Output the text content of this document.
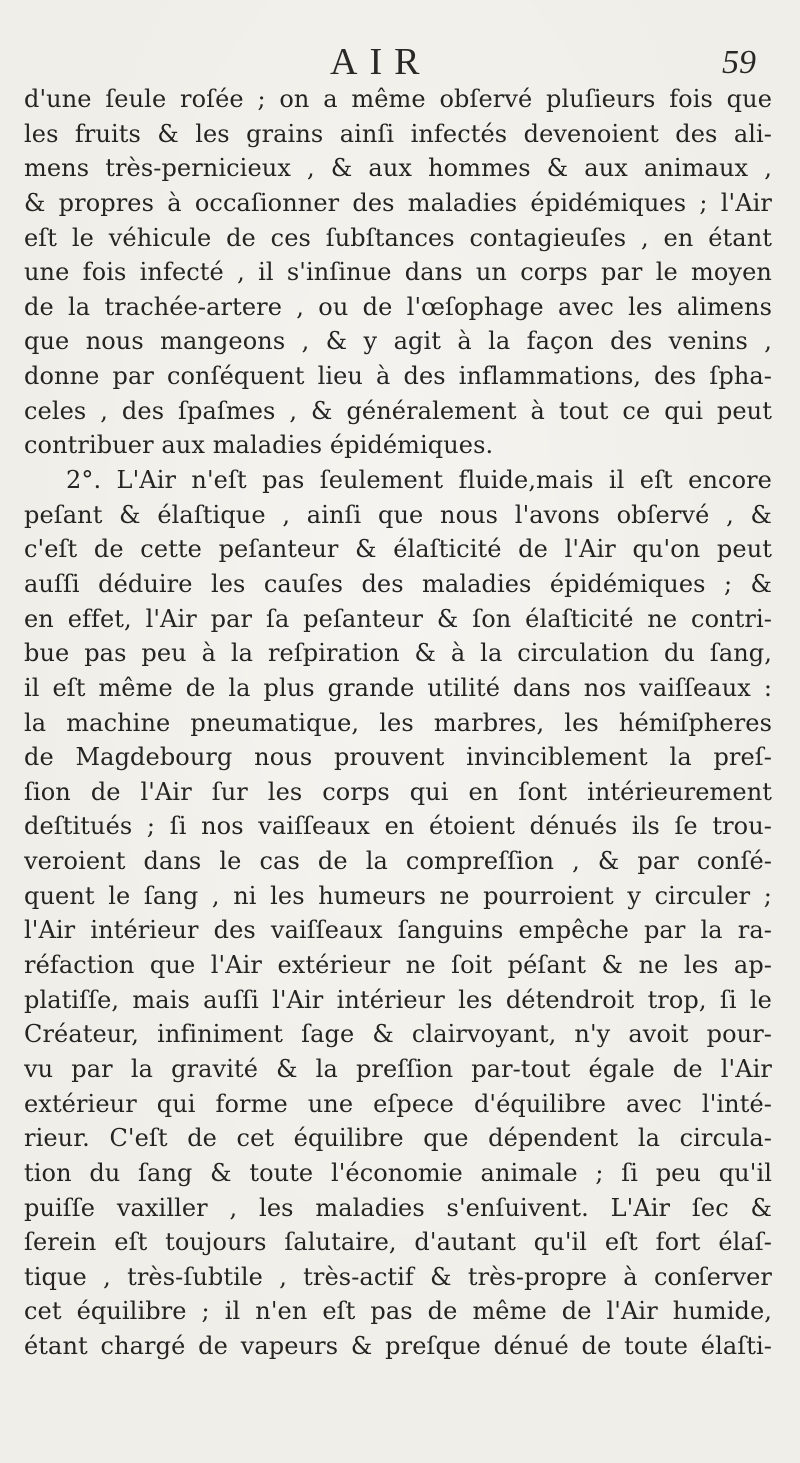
AIR	59
d'une ſeule roſée ; on a même obſervé pluſieurs fois que
les fruits & les grains ainſi infectés devenoient des ali-
mens très-pernicieux , & aux hommes & aux animaux ,
& propres à occaſionner des maladies épidémiques ; l'Air
eſt le véhicule de ces ſubſtances contagieuſes , en étant
une fois infecté , il s'inſinue dans un corps par le moyen
de la trachée-artere , ou de l'œſophage avec les alimens
que nous mangeons , & y agit à la façon des venins ,
donne par conſéquent lieu à des inflammations, des ſpha-
celes , des ſpaſmes , & généralement à tout ce qui peut
contribuer aux maladies épidémiques.
2°. L'Air n'eſt pas ſeulement fluide,mais il eſt encore
peſant & élaſtique , ainſi que nous l'avons obſervé , &
c'eſt de cette peſanteur & élaſticité de l'Air qu'on peut
auſſi déduire les cauſes des maladies épidémiques ; &
en effet, l'Air par ſa peſanteur & ſon élaſticité ne contri-
bue pas peu à la reſpiration & à la circulation du ſang,
il eſt même de la plus grande utilité dans nos vaiſſeaux :
la machine pneumatique, les marbres, les hémiſpheres
de Magdebourg nous prouvent invinciblement la preſ-
ſion de l'Air ſur les corps qui en ſont intérieurement
deſtitués ; ſi nos vaiſſeaux en étoient dénués ils ſe trou-
veroient dans le cas de la compreſſion , & par conſé-
quent le ſang , ni les humeurs ne pourroient y circuler ;
l'Air intérieur des vaiſſeaux ſanguins empêche par la ra-
réfaction que l'Air extérieur ne ſoit péſant & ne les ap-
platiſſe, mais auſſi l'Air intérieur les détendroit trop, ſi le
Créateur, infiniment ſage & clairvoyant, n'y avoit pour-
vu par la gravité & la preſſion par-tout égale de l'Air
extérieur qui forme une eſpece d'équilibre avec l'inté-
rieur. C'eſt de cet équilibre que dépendent la circula-
tion du ſang & toute l'économie animale ; ſi peu qu'il
puiſſe vaxiller , les maladies s'enſuivent. L'Air ſec &
ſerein eſt toujours ſalutaire, d'autant qu'il eſt fort élaſ-
tique , très-ſubtile , très-actif & très-propre à conſerver
cet équilibre ; il n'en eſt pas de même de l'Air humide,
étant chargé de vapeurs & preſque dénué de toute élaſti-
